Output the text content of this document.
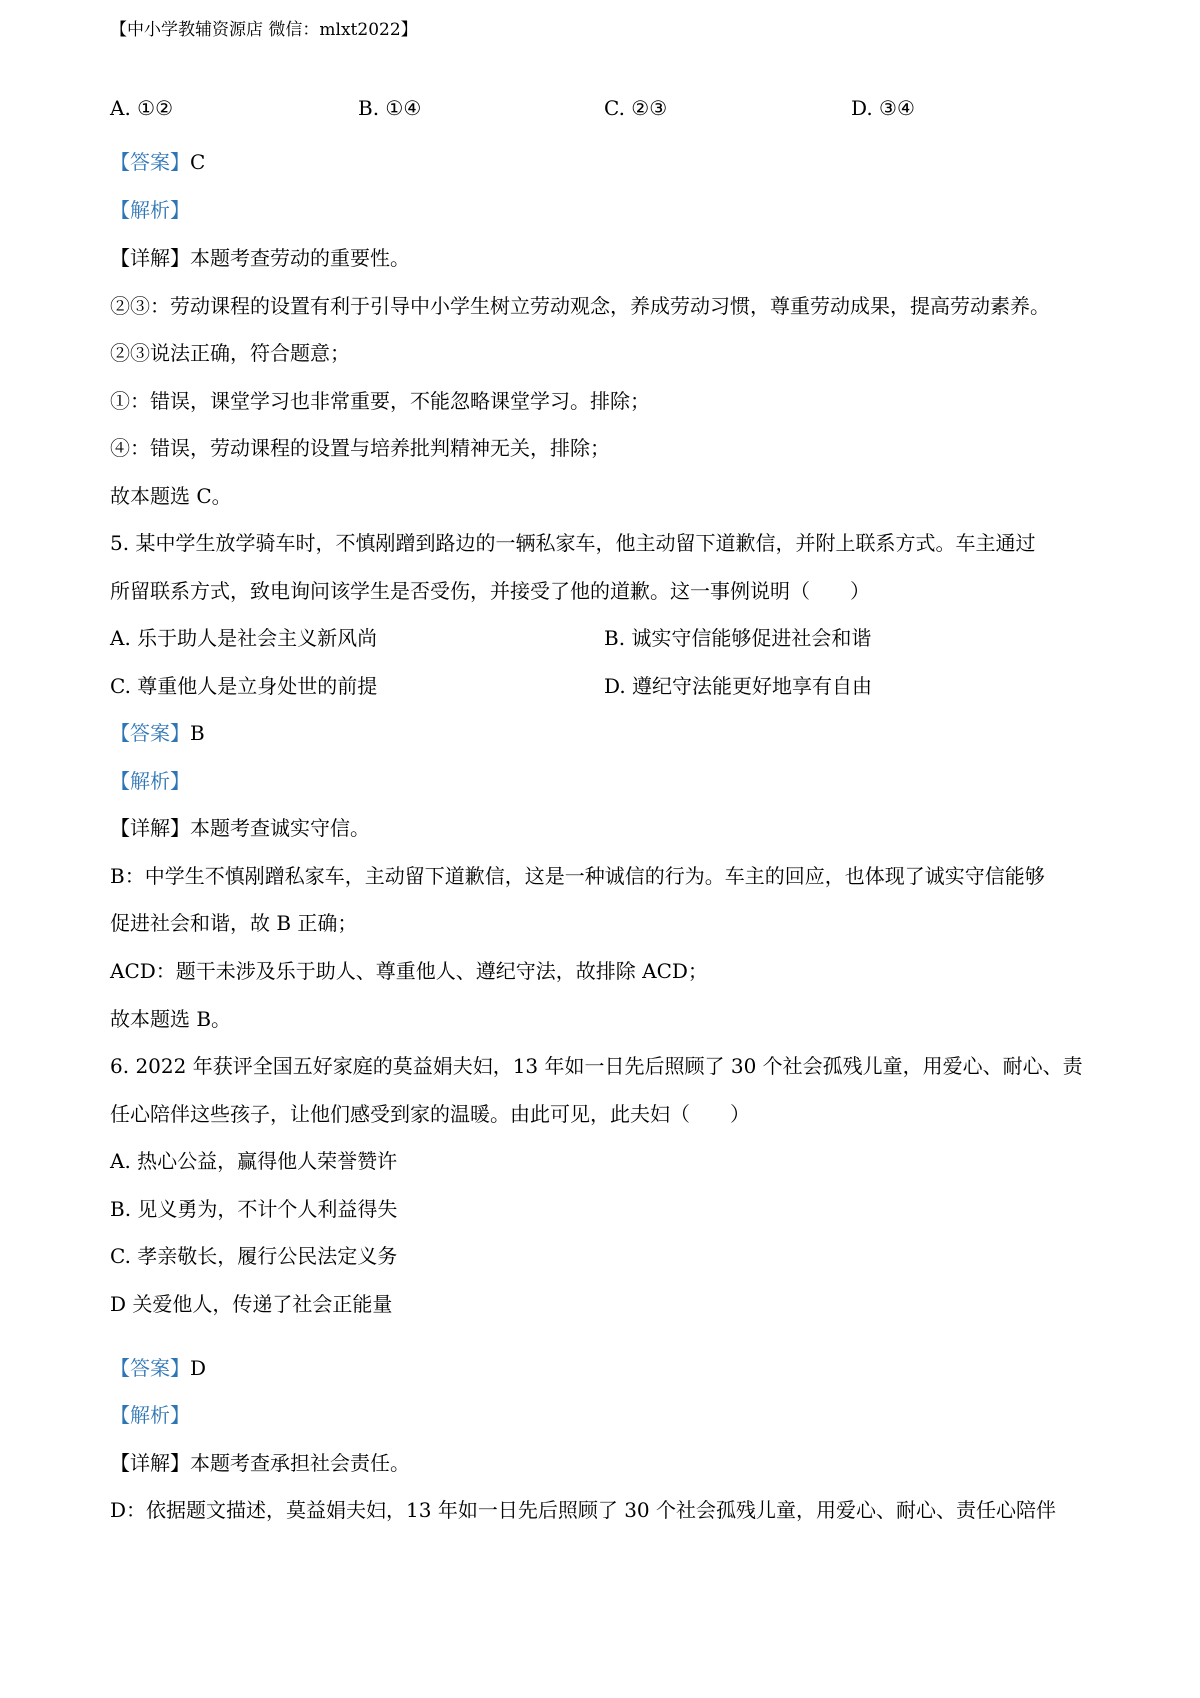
【中小学教辅资源店 微信：mlxt2022】
A. ①②	B. ①④	C. ②③	D. ③④
【答案】C
【解析】
【详解】本题考查劳动的重要性。
②③：劳动课程的设置有利于引导中小学生树立劳动观念，养成劳动习惯，尊重劳动成果，提高劳动素养。
②③说法正确，符合题意；
①：错误，课堂学习也非常重要，不能忽略课堂学习。排除；
④：错误，劳动课程的设置与培养批判精神无关，排除；
故本题选 C。
5. 某中学生放学骑车时，不慎剐蹭到路边的一辆私家车，他主动留下道歉信，并附上联系方式。车主通过
所留联系方式，致电询问该学生是否受伤，并接受了他的道歉。这一事例说明（　　）
A. 乐于助人是社会主义新风尚	B. 诚实守信能够促进社会和谐
C. 尊重他人是立身处世的前提	D. 遵纪守法能更好地享有自由
【答案】B
【解析】
【详解】本题考查诚实守信。
B：中学生不慎剐蹭私家车，主动留下道歉信，这是一种诚信的行为。车主的回应，也体现了诚实守信能够
促进社会和谐，故 B 正确；
ACD：题干未涉及乐于助人、尊重他人、遵纪守法，故排除 ACD；
故本题选 B。
6. 2022 年获评全国五好家庭的莫益娟夫妇，13 年如一日先后照顾了 30 个社会孤残儿童，用爱心、耐心、责
任心陪伴这些孩子，让他们感受到家的温暖。由此可见，此夫妇（　　）
A. 热心公益，赢得他人荣誉赞许
B. 见义勇为，不计个人利益得失
C. 孝亲敬长，履行公民法定义务
D 关爱他人，传递了社会正能量
【答案】D
【解析】
【详解】本题考查承担社会责任。
D：依据题文描述，莫益娟夫妇，13 年如一日先后照顾了 30 个社会孤残儿童，用爱心、耐心、责任心陪伴
